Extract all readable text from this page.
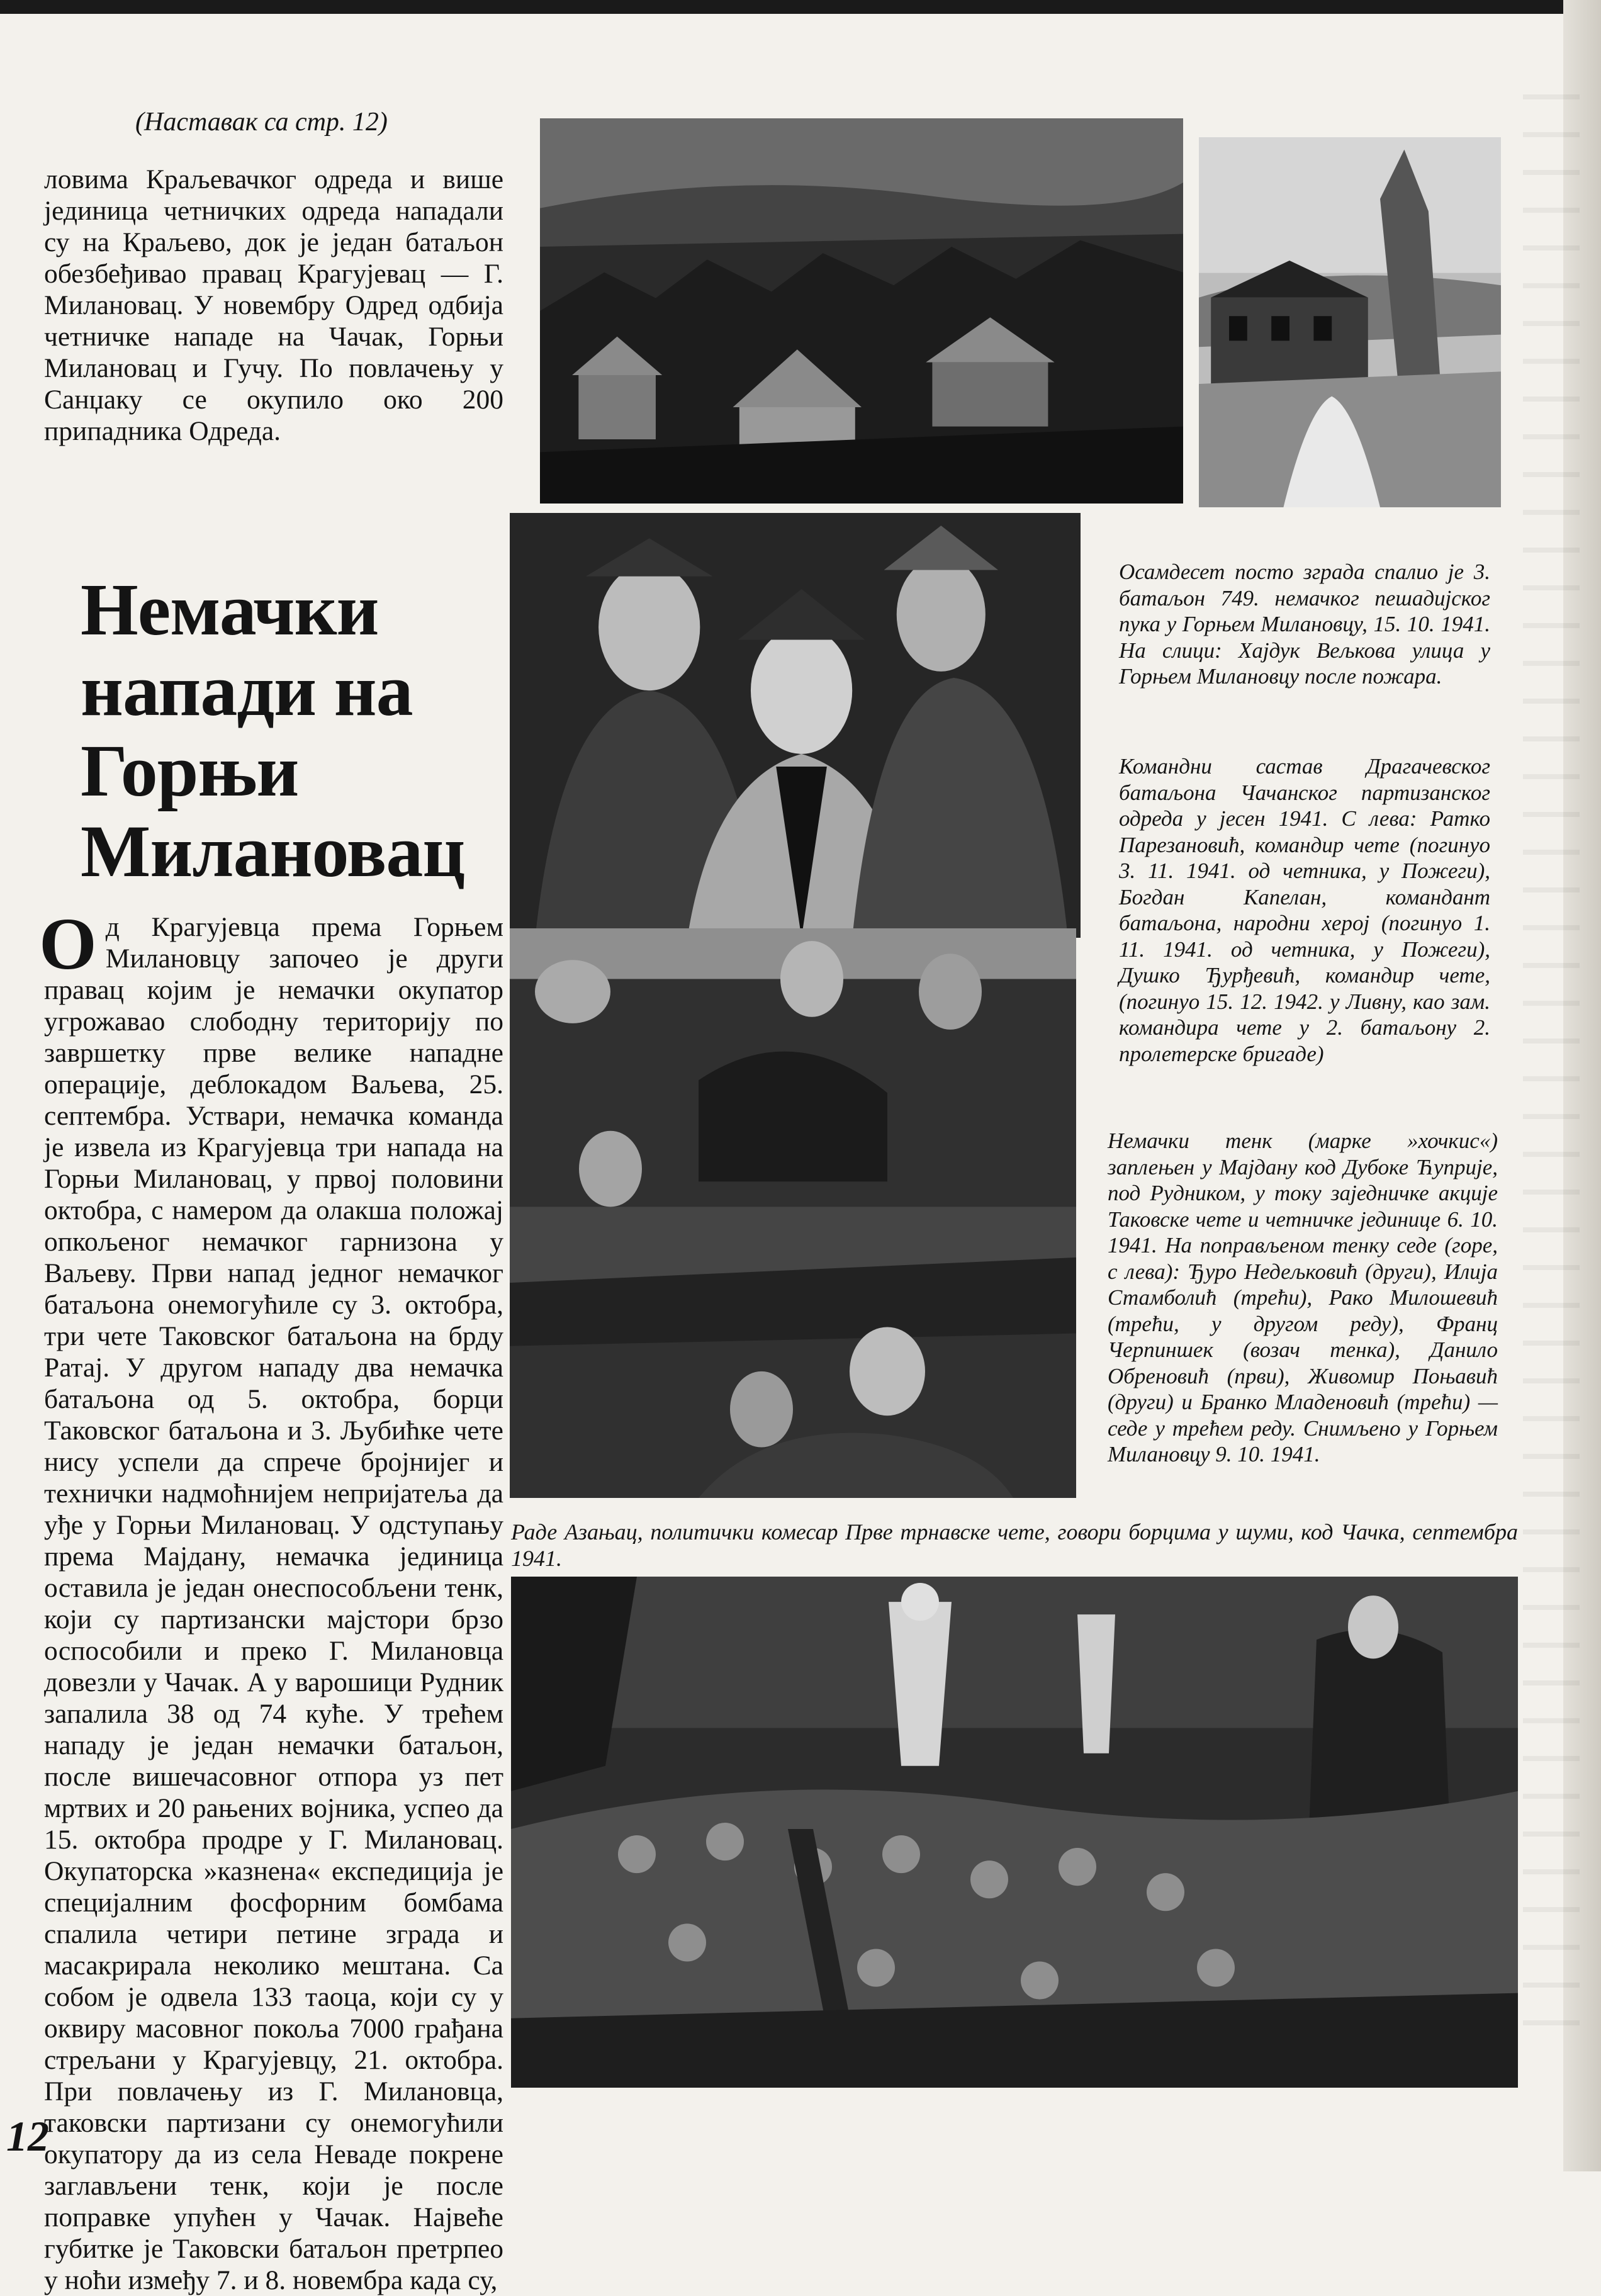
(Наставак са стр. 12)

ловима Краљевачког одреда и више јединица четничких одреда нападали су на Краљево, док је један батаљон обезбеђивао правац Крагујевац — Г. Милановац. У новембру Одред одбија четничке нападе на Чачак, Горњи Милановац и Гучу. По повлачењу у Санџаку се окупило око 200 припадника Одреда.

Немачки напади на Горњи Милановац

Од Крагујевца према Горњем Милановцу започео је други правац којим је немачки окупатор угрожавао слободну територију по завршетку прве велике нападне операције, деблокадом Ваљева, 25. септембра. Уствари, немачка команда је извела из Крагујевца три напада на Горњи Милановац, у првој половини октобра, с намером да олакша положај опкољеног немачког гарнизона у Ваљеву. Први напад једног немачког батаљона онемогућиле су 3. октобра, три чете Таковског батаљона на брду Ратај. У другом нападу два немачка батаљона од 5. октобра, борци Таковског батаљона и 3. Љубићке чете нису успели да спрече бројнијег и технички надмоћнијем непријатеља да уђе у Горњи Милановац. У одступању према Мајдану, немачка јединица оставила је један онеспособљени тенк, који су партизански мајстори брзо оспособили и преко Г. Милановца довезли у Чачак. А у варошици Рудник запалила 38 од 74 куће. У трећем нападу је један немачки батаљон, после вишечасовног отпора уз пет мртвих и 20 рањених војника, успео да 15. октобра продре у Г. Милановац. Окупаторска »казнена« експедиција је специјалним фосфорним бомбама спалила четири петине зграда и масакрирала неколико мештана. Са собом је одвела 133 таоца, који су у оквиру масовног покоља 7000 грађана стрељани у Крагујевцу, 21. октобра. При повлачењу из Г. Милановца, таковски партизани су онемогућили окупатору да из села Неваде покрене заглављени тенк, који је после поправке упућен у Чачак. Највеће губитке је Таковски батаљон претрпео у ноћи између 7. и 8. новембра када су,

Осамдесет посто зграда спалио је 3. батаљон 749. немачког пешадијског пука у Горњем Милановцу, 15. 10. 1941. На слици: Хајдук Вељкова улица у Горњем Милановцу после пожара.

Командни састав Драгачевског батаљона Чачанског партизанског одреда у јесен 1941. С лева: Ратко Парезановић, командир чете (погинуо 3. 11. 1941. од четника, у Пожеги), Богдан Капелан, командант батаљона, народни херој (погинуо 1. 11. 1941. од четника, у Пожеги), Душко Ђурђевић, командир чете, (погинуо 15. 12. 1942. у Ливну, као зам. командира чете у 2. батаљону 2. пролетерске бригаде)

Немачки тенк (марке »хочкис«) заплењен у Мајдану код Дубоке Ћуприје, под Рудником, у току заједничке акције Таковске чете и четничке јединице 6. 10. 1941. На поправљеном тенку седе (горе, с лева): Ђуро Недељковић (други), Илија Стамболић (трећи), Рако Милошевић (трећи, у другом реду), Франц Черпиншек (возач тенка), Данило Обреновић (први), Живомир Поњавић (други) и Бранко Младеновић (трећи) — седе у трећем реду. Снимљено у Горњем Милановцу 9. 10. 1941.

Раде Азањац, политички комесар Прве трнавске чете, говори борцима у шуми, код Чачка, септембра 1941.

12
